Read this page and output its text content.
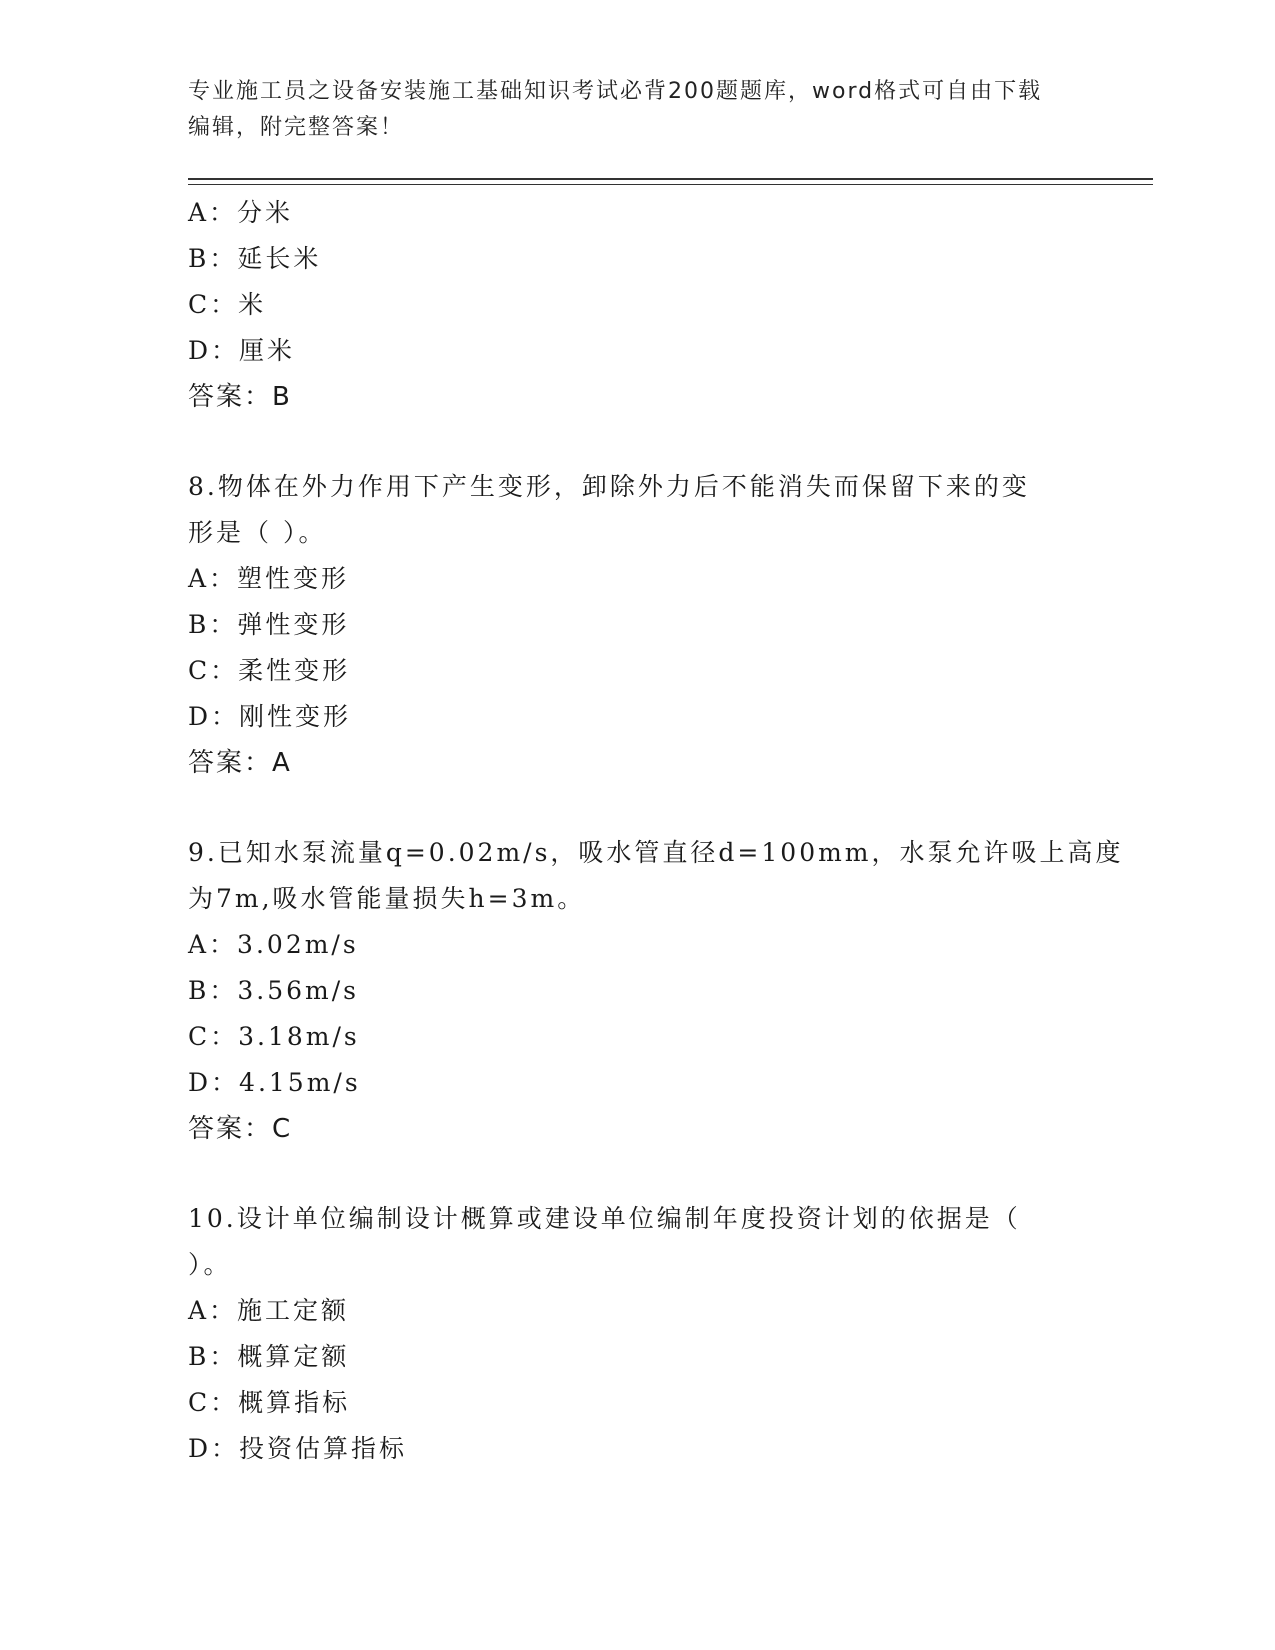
专业施工员之设备安装施工基础知识考试必背200题题库，word格式可自由下载
编辑，附完整答案！
A：分米
B：延长米
C：米
D：厘米
答案：B
8.物体在外力作用下产生变形，卸除外力后不能消失而保留下来的变
形是（ ）。
A：塑性变形
B：弹性变形
C：柔性变形
D：刚性变形
答案：A
9.已知水泵流量q=0.02m/s，吸水管直径d=100mm，水泵允许吸上高度
为7m,吸水管能量损失h=3m。
A：3.02m/s
B：3.56m/s
C：3.18m/s
D：4.15m/s
答案：C
10.设计单位编制设计概算或建设单位编制年度投资计划的依据是（
）。
A：施工定额
B：概算定额
C：概算指标
D：投资估算指标
